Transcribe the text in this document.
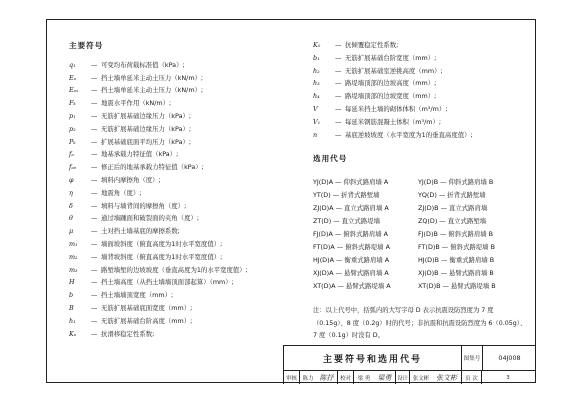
主要符号
q₁	— 可变均布荷载标准值（kPa）;
Eₐ	— 挡土墙单延米主动土压力（kN/m）;
Eₐₓ	— 挡土墙单延米主动土压力（kN/m）;
Fₖ	— 地震水平作用（kN/m）;
p₁	— 无筋扩展基础边缘压力（kPa）;
p₂	— 无筋扩展基础边缘压力（kPa）;
Pₖ	— 扩展基础底面平均压力（kPa）;
fₐ	— 地基承载力特征值（kPa）;
fₐₑ	— 修正后的地基承载力特征值（kPa）;
φ	— 填料内摩擦角（度）;
η	— 地震角（度）;
δ	— 填料与墙背间的摩擦角（度）;
θ	— 通过墙踵面和破裂面的夹角（度）;
μ	— 土对挡土墙基底的摩擦系数;
m₁	— 墙面坡斜度（俯直高度为1时水平宽度值）;
m₂	— 墙背坡斜度（俯直高度为1时水平宽度值）;
m₃	— 路堑墙堑的边坡坡度（垂直高度为1的水平宽度值）;
H	— 挡土墙高度（从挡土墙墙顶面部起算）（mm）;
b	— 挡土墙墙顶宽度（mm）;
B	— 无筋扩展基础底面宽度（mm）;
h₁	— 无筋扩展基础台阶高度（mm）;
Kₙ	— 抗滑移稳定性系数;
K₀	— 抗倾覆稳定性系数;
b₁	— 无筋扩展基础台阶宽度（mm）;
h₂	— 无筋扩展基础室逆挑高度（mm）;
h₃	— 路堤墙顶部的边坡高度（mm）;
h₄	— 路堤墙顶部的边坡宽度（mm）;
V	— 每延米挡土墙的砌体体积（m³/m）;
V₁	— 每延米钢筋混凝土体积（m³/m）;
n	— 基底逆坡坡度（水平宽度为1的垂直高度值）;
选用代号
YJ(D)A — 仰斜式路肩墙 A	YJ(D)B — 仰斜式路肩墙 B
YT(D) — 折背式路堑墙	YQ(D) — 折背式路堑墙
ZJ(D)A — 直立式路肩墙 A	ZJ(D)B — 直立式路肩墙
ZT(D) — 直立式路堤墙	ZQ(D) — 直立式路堑墙
FJ(D)A — 俯斜式路肩墙 A	FJ(D)B — 俯斜式路肩墙 B
FT(D)A — 俯斜式路堤墙 A	FT(D)B — 俯斜式路堤墙 B
HJ(D)A — 衡重式路肩墙 A	HJ(D)B — 衡重式路肩墙 B
XJ(D)A — 悬臂式路肩墙 A	XJ(D)B — 悬臂式路肩墙 B
XT(D)A — 悬臂式路堤墙 A	XT(D)B — 悬臂式路堤墙 B
注：以上代号中，括弧内的大写字母 D 表示抗震设防烈度为 7 度（0.15g）、8 度（0.2g）时的代号；非抗震和抗震设防烈度为 6（0.05g）、7 度（0.1g）时没有 D。
主要符号和选用代号	图集号	04J008
审核	陈力 陈抒	校对	梁 勇	梁勇	设计 张文彬 张文彬	页 次	3
